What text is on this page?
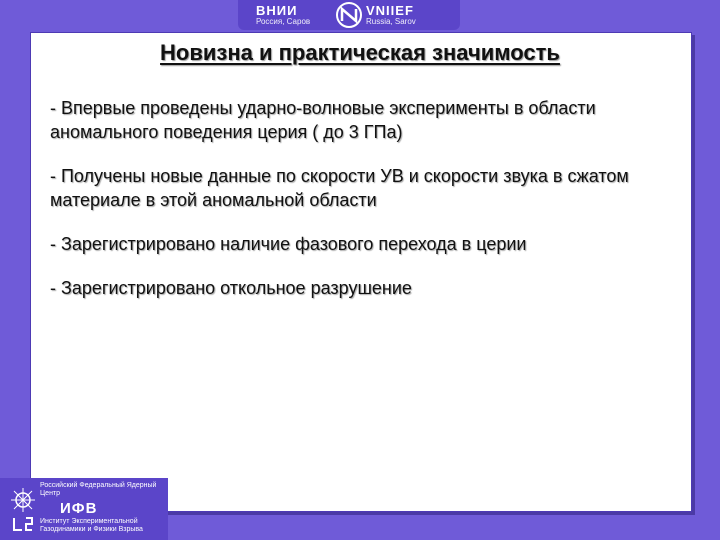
ВНИИ
Россия, Саров
VNIIEF
Russia, Sarov
Новизна и практическая значимость
- Впервые проведены ударно-волновые эксперименты в области аномального поведения церия ( до 3 ГПа)
- Получены новые данные по скорости УВ и скорости звука в сжатом материале в этой аномальной области
- Зарегистрировано наличие фазового перехода в церии
- Зарегистрировано откольное разрушение
Российский Федеральный Ядерный Центр
ИФВ
Институт Экспериментальной Газодинамики и Физики Взрыва
